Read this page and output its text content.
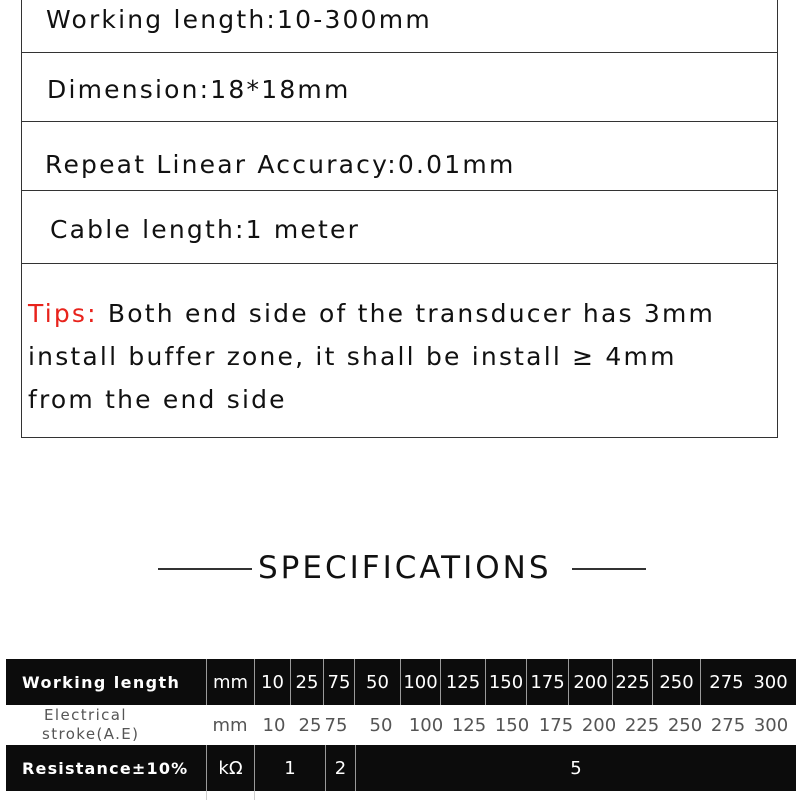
Working length:10-300mm
Dimension:18*18mm
Repeat Linear Accuracy:0.01mm
Cable length:1 meter
Tips: Both end side of the transducer has 3mm
install buffer zone, it shall be install ≥ 4mm
from the end side
SPECIFICATIONS
Working length	mm 10 25 75 50 100 125 150 175 200 225 250 275 300
Electrical
stroke(A.E)	mm 10 25 75	50 100 125 150 175 200 225 250 275 300
Resistance±10%	kΩ	1	2	5
